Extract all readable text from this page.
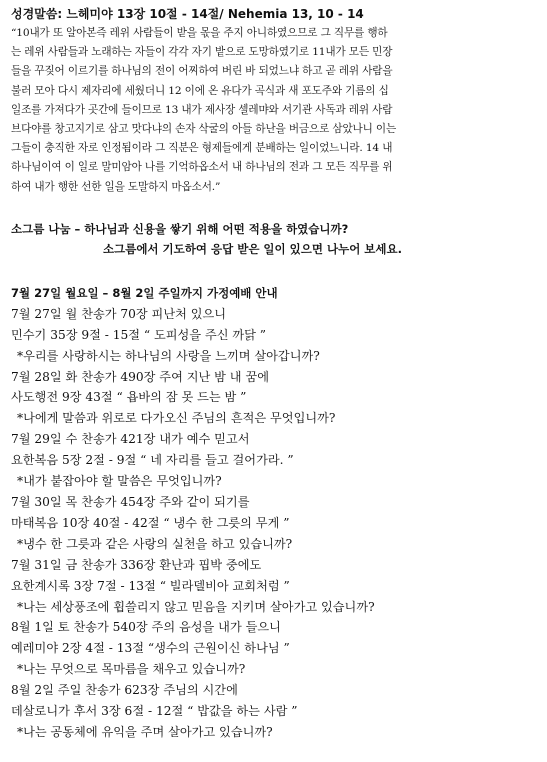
성경말씀: 느헤미야 13장 10절 - 14절/ Nehemia 13, 10 - 14
“10내가 또 알아본즉 레위 사람들이 받을 몫을 주지 아니하였으므로 그 직무를 행하
는 레위 사람들과 노래하는 자들이 각각 자기 밭으로 도망하였기로 11내가 모든 민장
들을 꾸짖어 이르기를 하나님의 전이 어찌하여 버린 바 되었느냐 하고 곧 레위 사람을
불러 모아 다시 제자리에 세웠더니 12 이에 온 유다가 곡식과 새 포도주와 기름의 십
일조를 가져다가 곳간에 들이므로 13 내가 제사장 셀레먀와 서기관 사독과 레위 사람
브다야를 창고지기로 삼고 맛다냐의 손자 삭굴의 아들 하난을 버금으로 삼았나니 이는
그들이 충직한 자로 인정됨이라 그 직분은 형제들에게 분배하는 일이었느니라. 14 내
하나님이여 이 일로 말미암아 나를 기억하옵소서 내 하나님의 전과 그 모든 직무를 위
하여 내가 행한 선한 일을 도말하지 마옵소서.”
소그름 나눔 – 하나님과 신용을 쌓기 위해 어떤 적용을 하였습니까?
소그름에서 기도하여 응답 받은 일이 있으면 나누어 보세요.
7월 27일 월요일 – 8월 2일 주일까지 가정예배 안내
7월 27일 월 찬송가 70장 피난처 있으니
민수기 35장 9절 - 15절 “ 도피성을 주신 까닭 ”
*우리를 사랑하시는 하나님의 사랑을 느끼며 살아갑니까?
7월 28일 화 찬송가 490장 주여 지난 밤 내 꿈에
사도행전 9장 43절 “ 욥바의 잠 못 드는 밤 ”
*나에게 말씀과 위로로 다가오신 주님의 흔적은 무엇입니까?
7월 29일 수 찬송가 421장 내가 예수 믿고서
요한복음 5장 2절 - 9절 “ 네 자리를 들고 걸어가라. ”
*내가 붙잡아야 할 말씀은 무엇입니까?
7월 30일 목 찬송가 454장 주와 같이 되기를
마태복음 10장 40절 - 42절 “ 냉수 한 그릇의 무게 ”
*냉수 한 그릇과 같은 사랑의 실천을 하고 있습니까?
7월 31일 금 찬송가 336장 환난과 핍박 중에도
요한계시록 3장 7절 - 13절 “ 빌라델비아 교회처럼 ”
*나는 세상풍조에 휩쓸리지 않고 믿음을 지키며 살아가고 있습니까?
8월 1일 토 찬송가 540장 주의 음성을 내가 들으니
예레미야 2장 4절 - 13절 “생수의 근원이신 하나님 ”
*나는 무엇으로 목마름을 채우고 있습니까?
8월 2일 주일 찬송가 623장 주님의 시간에
데살로니가 후서 3장 6절 - 12절 “ 밥값을 하는 사람 ”
*나는 공동체에 유익을 주며 살아가고 있습니까?
